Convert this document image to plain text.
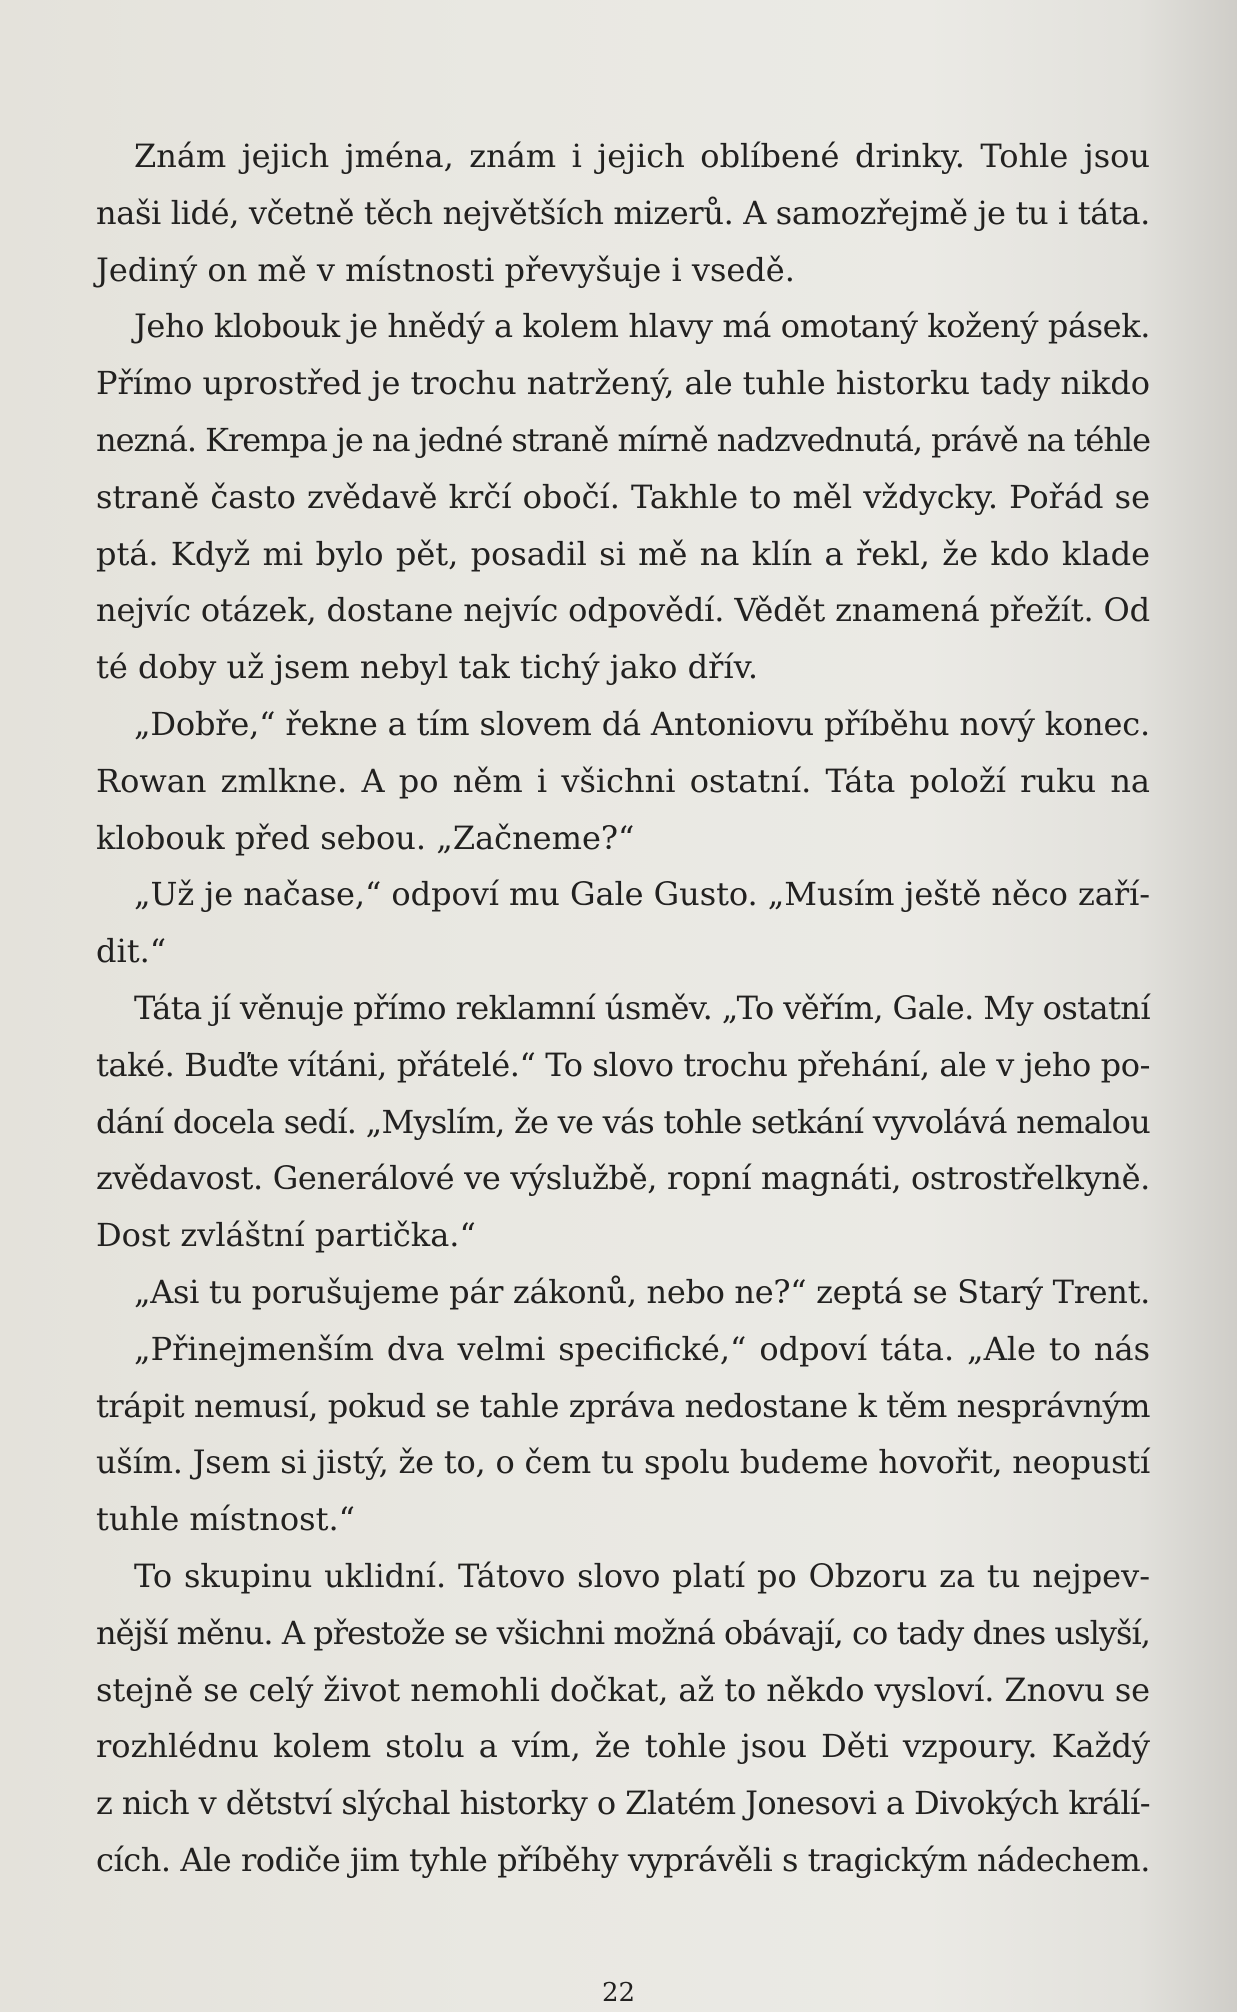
Znám jejich jména, znám i jejich oblíbené drinky. Tohle jsou
naši lidé, včetně těch největších mizerů. A samozřejmě je tu i táta.
Jediný on mě v místnosti převyšuje i vsedě.
Jeho klobouk je hnědý a kolem hlavy má omotaný kožený pásek.
Přímo uprostřed je trochu natržený, ale tuhle historku tady nikdo
nezná. Krempa je na jedné straně mírně nadzvednutá, právě na téhle
straně často zvědavě krčí obočí. Takhle to měl vždycky. Pořád se
ptá. Když mi bylo pět, posadil si mě na klín a řekl, že kdo klade
nejvíc otázek, dostane nejvíc odpovědí. Vědět znamená přežít. Od
té doby už jsem nebyl tak tichý jako dřív.
„Dobře,“ řekne a tím slovem dá Antoniovu příběhu nový konec.
Rowan zmlkne. A po něm i všichni ostatní. Táta položí ruku na
klobouk před sebou. „Začneme?“
„Už je načase,“ odpoví mu Gale Gusto. „Musím ještě něco zaří-
dit.“
Táta jí věnuje přímo reklamní úsměv. „To věřím, Gale. My ostatní
také. Buďte vítáni, přátelé.“ To slovo trochu přehání, ale v jeho po-
dání docela sedí. „Myslím, že ve vás tohle setkání vyvolává nemalou
zvědavost. Generálové ve výslužbě, ropní magnáti, ostrostřelkyně.
Dost zvláštní partička.“
„Asi tu porušujeme pár zákonů, nebo ne?“ zeptá se Starý Trent.
„Přinejmenším dva velmi specifické,“ odpoví táta. „Ale to nás
trápit nemusí, pokud se tahle zpráva nedostane k těm nesprávným
uším. Jsem si jistý, že to, o čem tu spolu budeme hovořit, neopustí
tuhle místnost.“
To skupinu uklidní. Tátovo slovo platí po Obzoru za tu nejpev-
nější měnu. A přestože se všichni možná obávají, co tady dnes uslyší,
stejně se celý život nemohli dočkat, až to někdo vysloví. Znovu se
rozhlédnu kolem stolu a vím, že tohle jsou Děti vzpoury. Každý
z nich v dětství slýchal historky o Zlatém Jonesovi a Divokých králí-
cích. Ale rodiče jim tyhle příběhy vyprávěli s tragickým nádechem.
22
